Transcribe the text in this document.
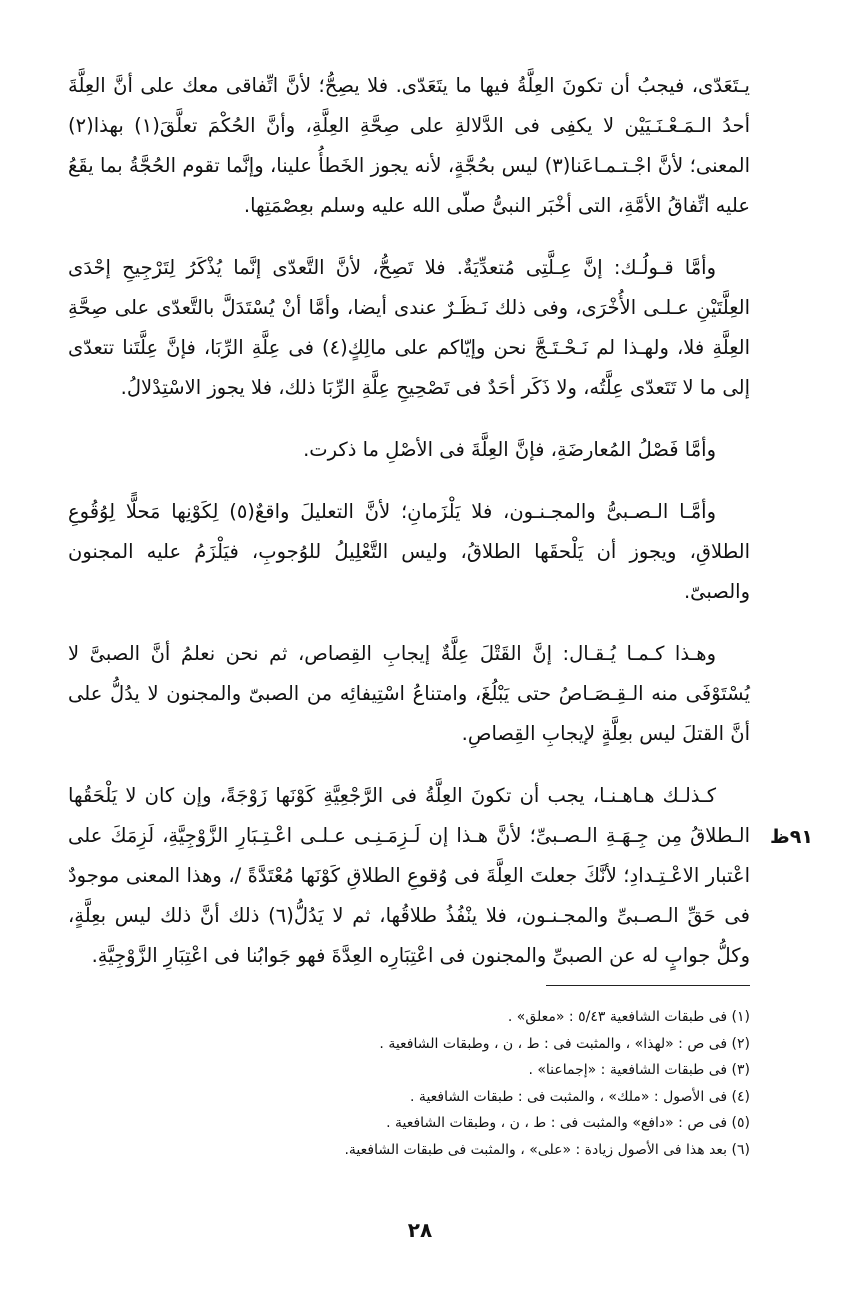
يـتَعَدّى، فيجبُ أن تكونَ العِلَّةُ فيها ما يتَعَدّى. فلا يصِحُّ؛ لأنَّ اتِّفاقى معك على أنَّ العِلَّةَ أحدُ الـمَـعْـنَـيَيْن لا يكفِى فى الدَّلالةِ على صِحَّةِ العِلَّةِ، وأنَّ الحُكْمَ تعلَّقَ(١) بهذا(٢) المعنى؛ لأنَّ اجْـتـمـاعَنا(٣) ليس بحُجَّةٍ، لأنه يجوز الخَطأُ علينا، وإنَّما تقوم الحُجَّةُ بما يقَعُ عليه اتِّفاقُ الأمَّةِ، التى أخْبَر النبىُّ صلّى الله عليه وسلم بعِصْمَتِها.

وأمَّا قـولُـك: إنَّ عِـلَّتِى مُتعدِّيَةٌ. فلا تَصِحُّ، لأنَّ التَّعدّى إنَّما يُذْكَرُ لِتَرْجِيحِ إحْدَى العِلَّتَيْنِ عـلـى الأُخْرَى، وفى ذلك نَـظَـرٌ عندى أيضا، وأمَّا أنْ يُسْتَدَلَّ بالتَّعدّى على صِحَّةِ العِلَّةِ فلا، ولهـذا لم نَـحْـتَـجَّ نحن وإيّاكم على مالِكٍ(٤) فى عِلَّةِ الرِّبَا، فإنَّ عِلَّتَنا تتعدّى إلى ما لا تَتَعدّى عِلَّتُه، ولا ذَكَر أحَدٌ فى تَصْحِيحِ عِلَّةِ الرِّبَا ذلك، فلا يجوز الاسْتِدْلالُ.

وأمَّا فَصْلُ المُعارضَةِ، فإنَّ العِلَّةَ فى الأصْلِ ما ذكرت.

وأمَّـا الـصـبىُّ والمجـنـون، فلا يَلْزَمانِ؛ لأنَّ التعليلَ واقعٌ(٥) لِكَوْنِها مَحلًّا لِوُقُوعِ الطلاقِ، ويجوز أن يَلْحقَها الطلاقُ، وليس التَّعْلِيلُ للوُجوبِ، فيَلْزَمُ عليه المجنون والصبىّ.

وهـذا كـمـا يُـقـال: إنَّ القَتْلَ عِلَّةٌ إيجابِ القِصاص، ثم نحن نعلمُ أنَّ الصبىَّ لا يُسْتَوْفَى منه الـقِـصَـاصُ حتى يَبْلُغَ، وامتناعُ اسْتِيفائِه من الصبىّ والمجنون لا يدُلُّ على أنَّ القتلَ ليس بعِلَّةٍ لإيجابِ القِصاصِ.

كـذلـك هـاهـنـا، يجب أن تكونَ العِلَّةُ فى الرَّجْعِيَّةِ كَوْنَها زَوْجَةً، وإن كان لا يَلْحَقُها الـطلاقُ مِن جِـهَـةِ الـصـبىِّ؛ لأنَّ هـذا إن لَـزِمَـنِـى عـلـى اعْـتِـبَارِ الزَّوْجِيَّةِ، لَزِمَكَ على اعْتبار الاعْـتِـدادِ؛ لأنَّكَ جعلتَ العِلَّةَ فى وُقوعِ الطلاقِ كَوْنَها مُعْتَدَّةً /، وهذا المعنى موجودٌ فى حَقِّ الـصـبىِّ والمجـنـون، فلا ينْفُذُ طلاقُها، ثم لا يَدُلُّ(٦) ذلك أنَّ ذلك ليس بعِلَّةٍ، وكلُّ جوابٍ له عن الصبىِّ والمجنون فى اعْتِبَارِه العِدَّةَ فهو جَوابُنا فى اعْتِبَارِ الزَّوْجِيَّةِ.

٩١ظ

(١) فى طبقات الشافعية ٥/٤٣ : «معلق» .

(٢) فى ص : «لهذا» ، والمثبت فى : ط ، ن ، وطبقات الشافعية .

(٣) فى طبقات الشافعية : «إجماعنا» .

(٤) فى الأصول : «ملك» ، والمثبت فى : طبقات الشافعية .

(٥) فى ص : «دافع» والمثبت فى : ط ، ن ، وطبقات الشافعية .

(٦) بعد هذا فى الأصول زيادة : «على» ، والمثبت فى طبقات الشافعية.

٢٨
